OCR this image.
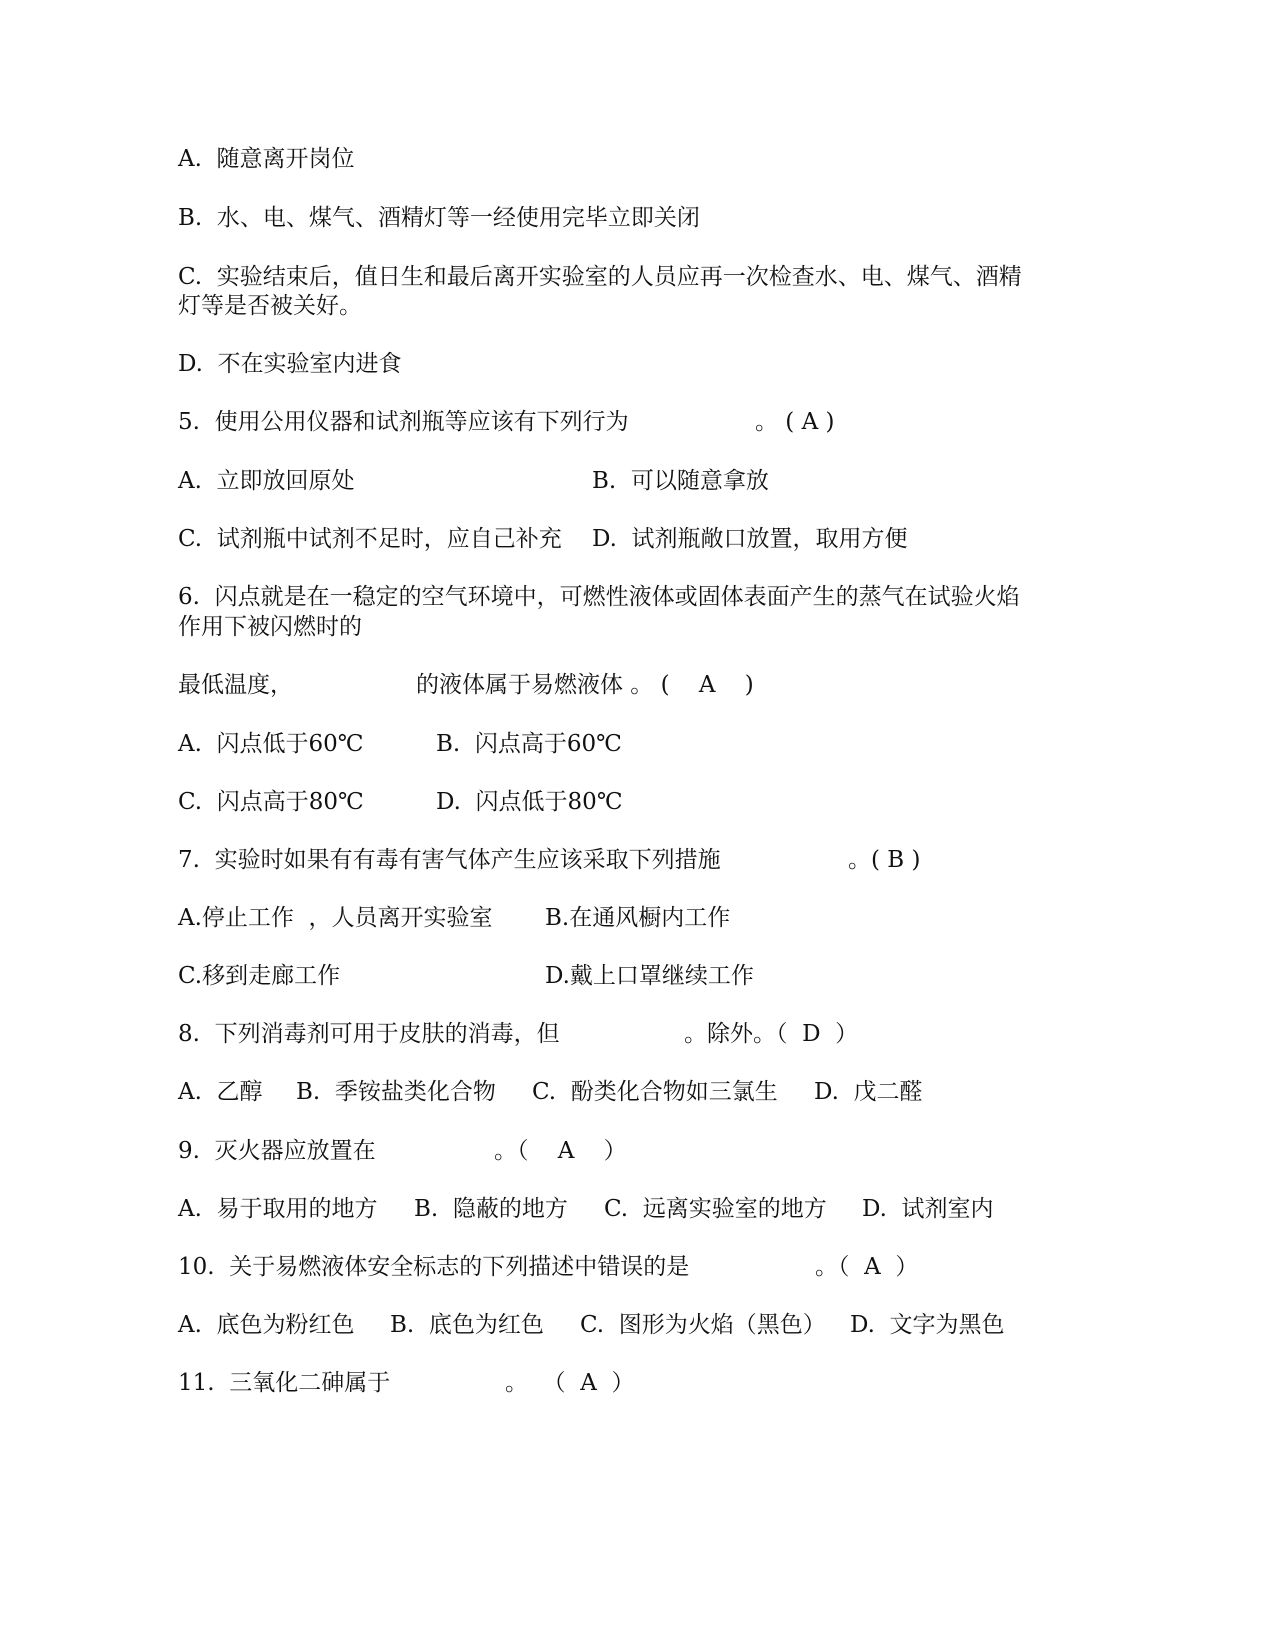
A.  随意离开岗位
B.  水、电、煤气、酒精灯等一经使用完毕立即关闭
C.  实验结束后，值日生和最后离开实验室的人员应再一次检查水、电、煤气、酒精
灯等是否被关好。
D.  不在实验室内进食
5.  使用公用仪器和试剂瓶等应该有下列行为	。 ( A )
A.  立即放回原处	B.  可以随意拿放
C.  试剂瓶中试剂不足时，应自己补充 D.  试剂瓶敞口放置，取用方便
6.  闪点就是在一稳定的空气环境中，可燃性液体或固体表面产生的蒸气在试验火焰
作用下被闪燃时的
最低温度，	的液体属于易燃液体 。 (    A    )
A.  闪点低于60℃	B.  闪点高于60℃
C.  闪点高于80℃	D.  闪点低于80℃
7.  实验时如果有有毒有害气体产生应该采取下列措施	。( B )
A.停止工作  ，人员离开实验室 B.在通风橱内工作
C.移到走廊工作	D.戴上口罩继续工作
8.  下列消毒剂可用于皮肤的消毒，但	。除外。（  D  ）
A.  乙醇 B.  季铵盐类化合物 C.  酚类化合物如三氯生 D.  戊二醛
9.  灭火器应放置在	。（    A    ）
A.  易于取用的地方 B.  隐蔽的地方 C.  远离实验室的地方 D.  试剂室内
10.  关于易燃液体安全标志的下列描述中错误的是	。（  A  ）
A.  底色为粉红色 B.  底色为红色 C.  图形为火焰（黑色） D.  文字为黑色
11.  三氧化二砷属于	。  （  A  ）
